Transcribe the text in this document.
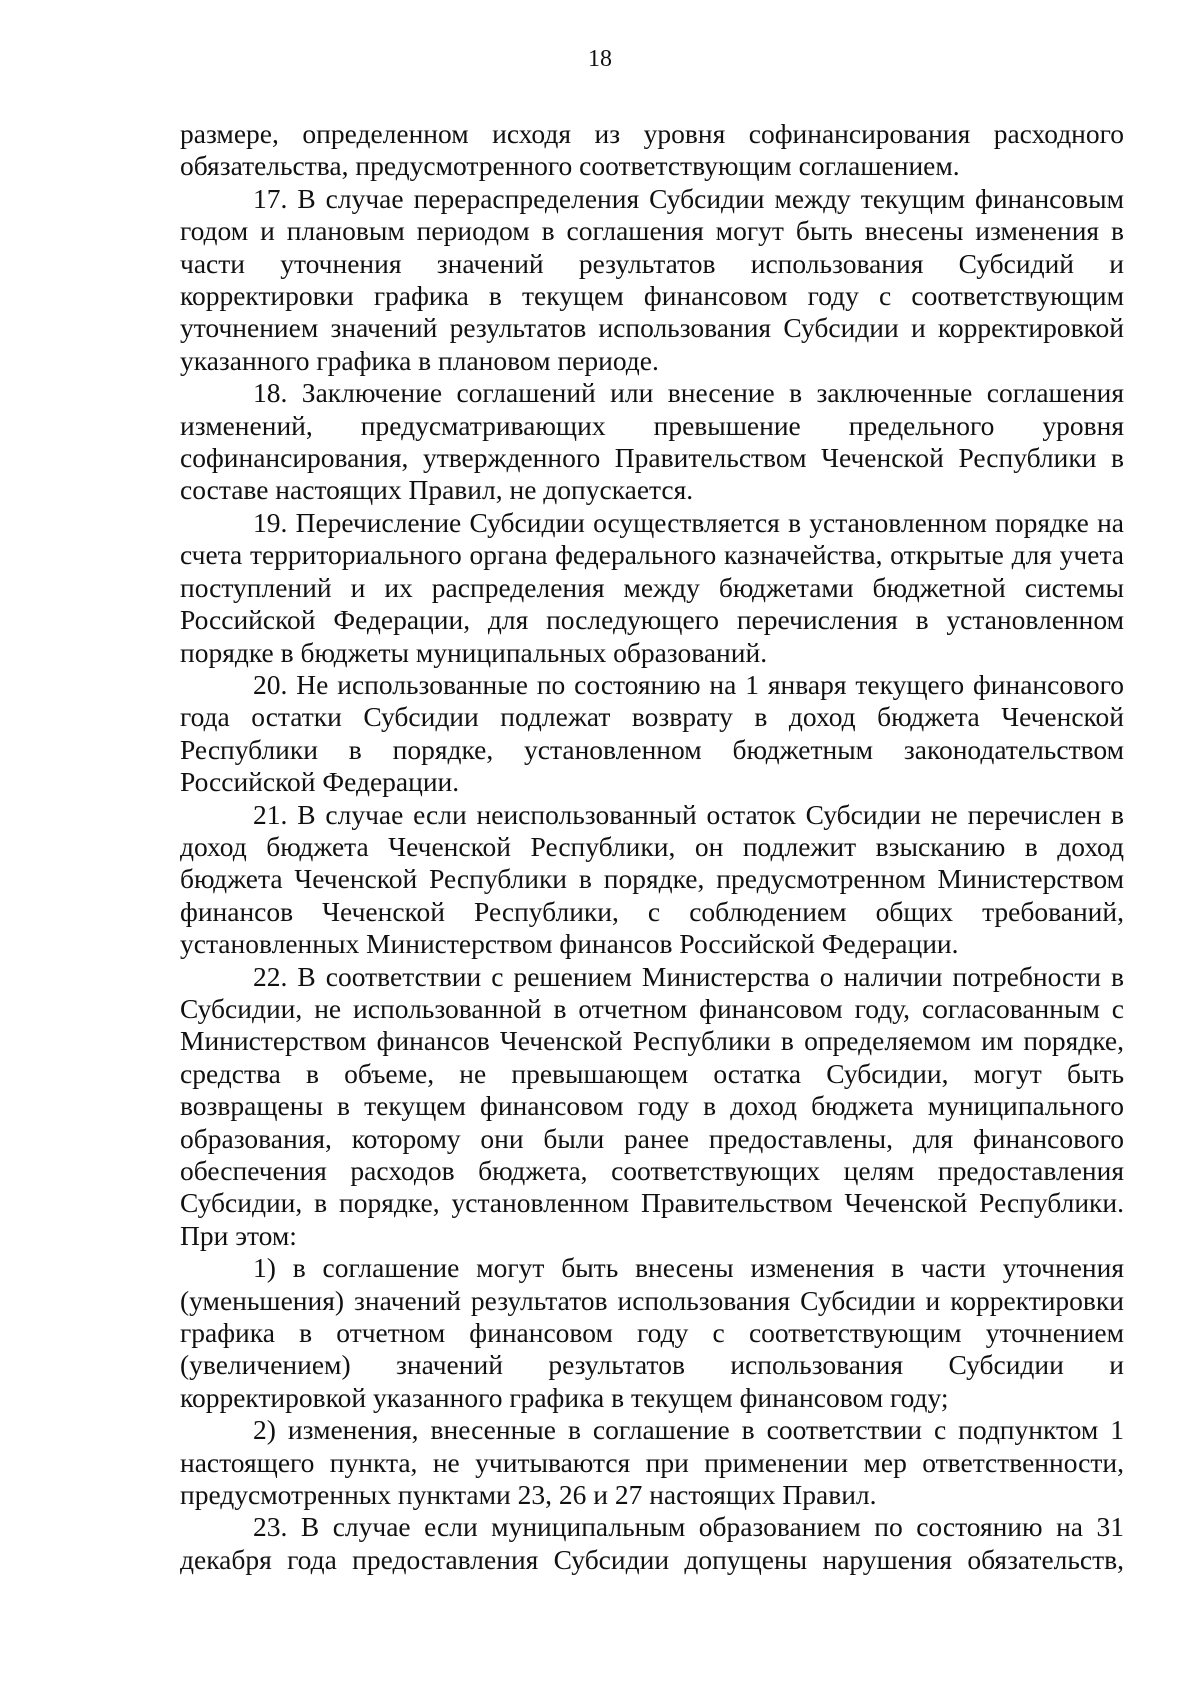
18

размере, определенном исходя из уровня софинансирования расходного обязательства, предусмотренного соответствующим соглашением.

17. В случае перераспределения Субсидии между текущим финансовым годом и плановым периодом в соглашения могут быть внесены изменения в части уточнения значений результатов использования Субсидий и корректировки графика в текущем финансовом году с соответствующим уточнением значений результатов использования Субсидии и корректировкой указанного графика в плановом периоде.

18. Заключение соглашений или внесение в заключенные соглашения изменений, предусматривающих превышение предельного уровня софинансирования, утвержденного Правительством Чеченской Республики в составе настоящих Правил, не допускается.

19. Перечисление Субсидии осуществляется в установленном порядке на счета территориального органа федерального казначейства, открытые для учета поступлений и их распределения между бюджетами бюджетной системы Российской Федерации, для последующего перечисления в установленном порядке в бюджеты муниципальных образований.

20. Не использованные по состоянию на 1 января текущего финансового года остатки Субсидии подлежат возврату в доход бюджета Чеченской Республики в порядке, установленном бюджетным законодательством Российской Федерации.

21. В случае если неиспользованный остаток Субсидии не перечислен в доход бюджета Чеченской Республики, он подлежит взысканию в доход бюджета Чеченской Республики в порядке, предусмотренном Министерством финансов Чеченской Республики, с соблюдением общих требований, установленных Министерством финансов Российской Федерации.

22. В соответствии с решением Министерства о наличии потребности в Субсидии, не использованной в отчетном финансовом году, согласованным с Министерством финансов Чеченской Республики в определяемом им порядке, средства в объеме, не превышающем остатка Субсидии, могут быть возвращены в текущем финансовом году в доход бюджета муниципального образования, которому они были ранее предоставлены, для финансового обеспечения расходов бюджета, соответствующих целям предоставления Субсидии, в порядке, установленном Правительством Чеченской Республики. При этом:

1) в соглашение могут быть внесены изменения в части уточнения (уменьшения) значений результатов использования Субсидии и корректировки графика в отчетном финансовом году с соответствующим уточнением (увеличением) значений результатов использования Субсидии и корректировкой указанного графика в текущем финансовом году;

2) изменения, внесенные в соглашение в соответствии с подпунктом 1 настоящего пункта, не учитываются при применении мер ответственности, предусмотренных пунктами 23, 26 и 27 настоящих Правил.

23. В случае если муниципальным образованием по состоянию на 31 декабря года предоставления Субсидии допущены нарушения обязательств,
